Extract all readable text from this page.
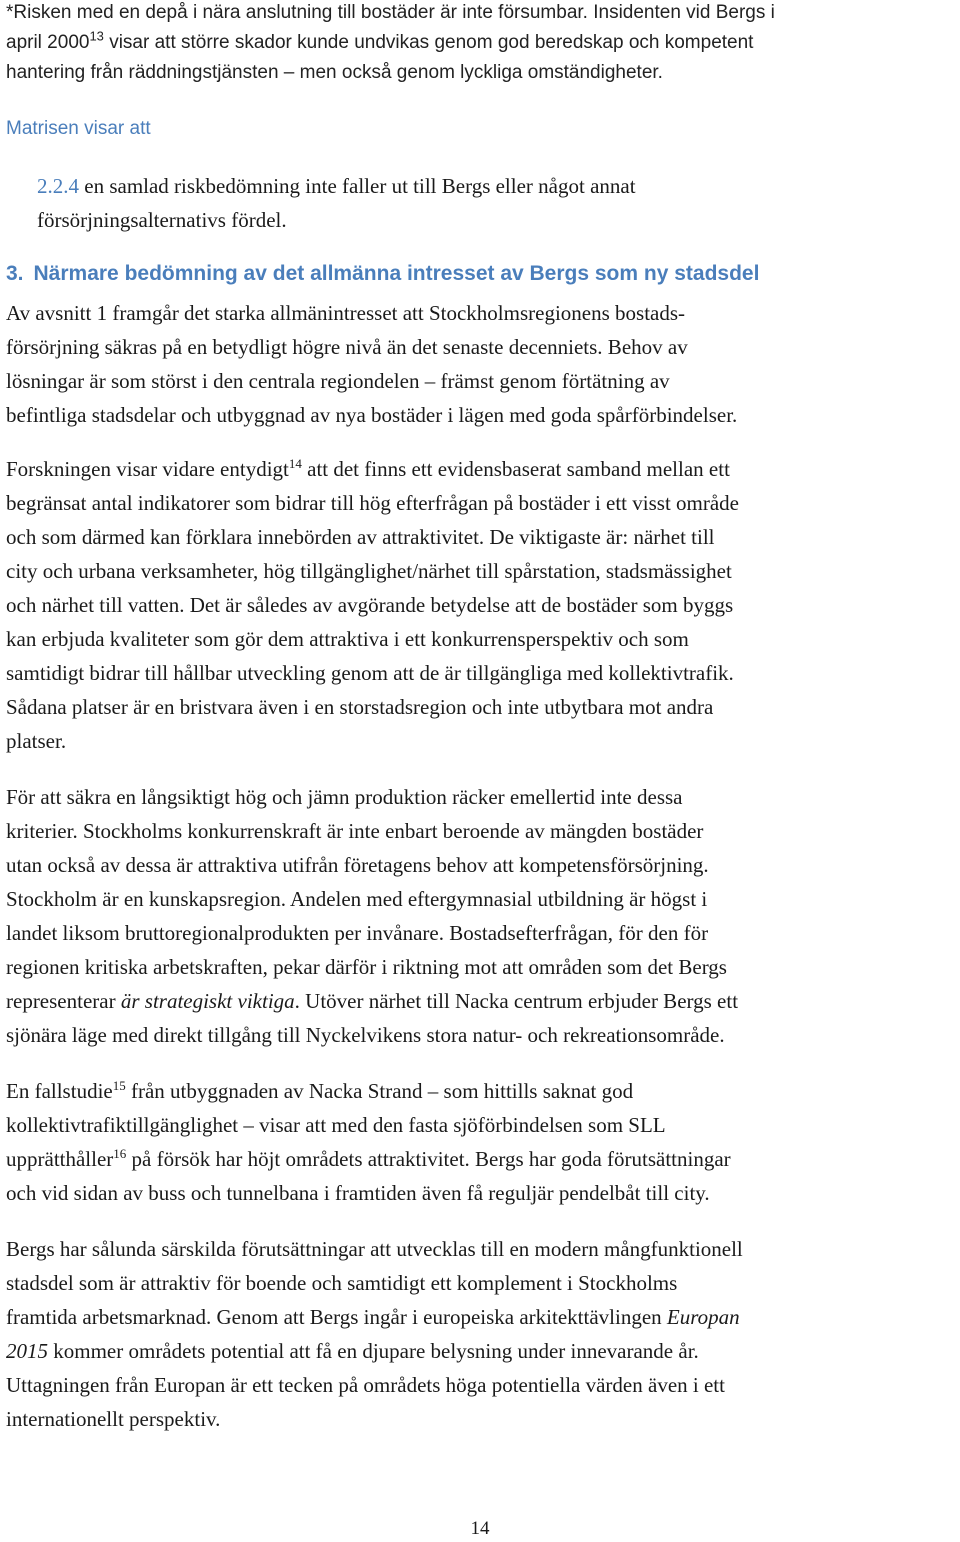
*Risken med en depå i nära anslutning till bostäder är inte försumbar. Insidenten vid Bergs i
april 2000$^{13}$ visar att större skador kunde undvikas genom god beredskap och kompetent
hantering från räddningstjänsten – men också genom lyckliga omständigheter.
Matrisen visar att
2.2.4 en samlad riskbedömning inte faller ut till Bergs eller något annat
försörjningsalternativs fördel.
3. Närmare bedömning av det allmänna intresset av Bergs som ny stadsdel
Av avsnitt 1 framgår det starka allmänintresset att Stockholmsregionens bostads-
försörjning säkras på en betydligt högre nivå än det senaste decenniets. Behov av
lösningar är som störst i den centrala regiondelen – främst genom förtätning av
befintliga stadsdelar och utbyggnad av nya bostäder i lägen med goda spårförbindelser.
Forskningen visar vidare entydigt$^{14}$ att det finns ett evidensbaserat samband mellan ett
begränsat antal indikatorer som bidrar till hög efterfrågan på bostäder i ett visst område
och som därmed kan förklara innebörden av attraktivitet. De viktigaste är: närhet till
city och urbana verksamheter, hög tillgänglighet/närhet till spårstation, stadsmässighet
och närhet till vatten. Det är således av avgörande betydelse att de bostäder som byggs
kan erbjuda kvaliteter som gör dem attraktiva i ett konkurrensperspektiv och som
samtidigt bidrar till hållbar utveckling genom att de är tillgängliga med kollektivtrafik.
Sådana platser är en bristvara även i en storstadsregion och inte utbytbara mot andra
platser.
För att säkra en långsiktigt hög och jämn produktion räcker emellertid inte dessa
kriterier. Stockholms konkurrenskraft är inte enbart beroende av mängden bostäder
utan också av dessa är attraktiva utifrån företagens behov att kompetensförsörjning.
Stockholm är en kunskapsregion. Andelen med eftergymnasial utbildning är högst i
landet liksom bruttoregionalprodukten per invånare. Bostadsefterfrågan, för den för
regionen kritiska arbetskraften, pekar därför i riktning mot att områden som det Bergs
representerar är strategiskt viktiga. Utöver närhet till Nacka centrum erbjuder Bergs ett
sjönära läge med direkt tillgång till Nyckelvikens stora natur- och rekreationsområde.
En fallstudie$^{15}$ från utbyggnaden av Nacka Strand – som hittills saknat god
kollektivtrafiktillgänglighet – visar att med den fasta sjöförbindelsen som SLL
upprätthåller$^{16}$ på försök har höjt områdets attraktivitet. Bergs har goda förutsättningar
och vid sidan av buss och tunnelbana i framtiden även få reguljär pendelbåt till city.
Bergs har sålunda särskilda förutsättningar att utvecklas till en modern mångfunktionell
stadsdel som är attraktiv för boende och samtidigt ett komplement i Stockholms
framtida arbetsmarknad. Genom att Bergs ingår i europeiska arkitekttävlingen Europan
2015 kommer områdets potential att få en djupare belysning under innevarande år.
Uttagningen från Europan är ett tecken på områdets höga potentiella värden även i ett
internationellt perspektiv.
14
